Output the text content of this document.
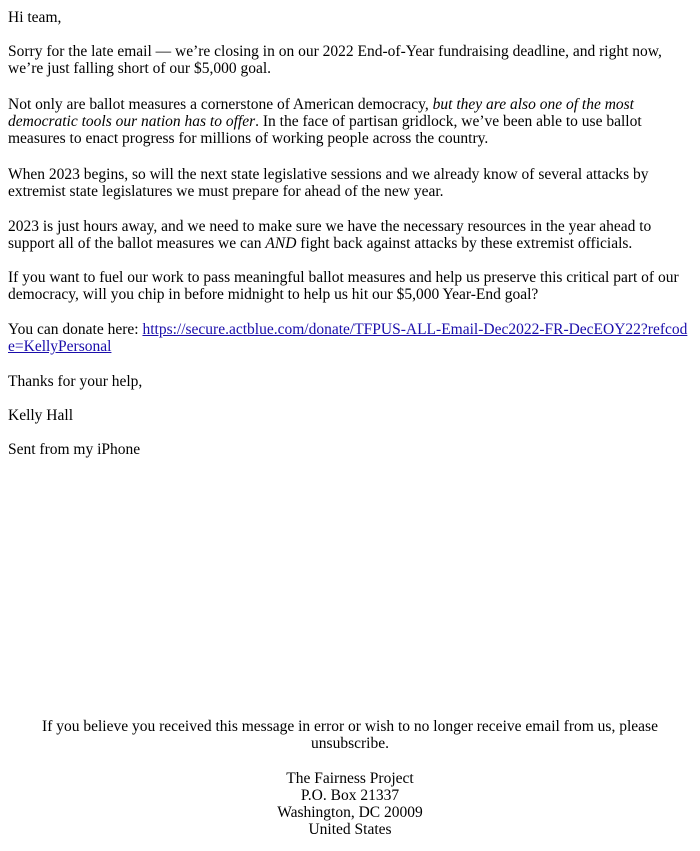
Hi team,

Sorry for the late email — we’re closing in on our 2022 End-of-Year fundraising deadline, and right now, we’re just falling short of our $5,000 goal.

Not only are ballot measures a cornerstone of American democracy, but they are also one of the most democratic tools our nation has to offer. In the face of partisan gridlock, we’ve been able to use ballot measures to enact progress for millions of working people across the country.

When 2023 begins, so will the next state legislative sessions and we already know of several attacks by extremist state legislatures we must prepare for ahead of the new year.

2023 is just hours away, and we need to make sure we have the necessary resources in the year ahead to support all of the ballot measures we can AND fight back against attacks by these extremist officials.

If you want to fuel our work to pass meaningful ballot measures and help us preserve this critical part of our democracy, will you chip in before midnight to help us hit our $5,000 Year-End goal?

You can donate here: https://secure.actblue.com/donate/TFPUS-ALL-Email-Dec2022-FR-DecEOY22?refcode=KellyPersonal

Thanks for your help,

Kelly Hall

Sent from my iPhone

If you believe you received this message in error or wish to no longer receive email from us, please unsubscribe.

The Fairness Project
P.O. Box 21337
Washington, DC 20009
United States
